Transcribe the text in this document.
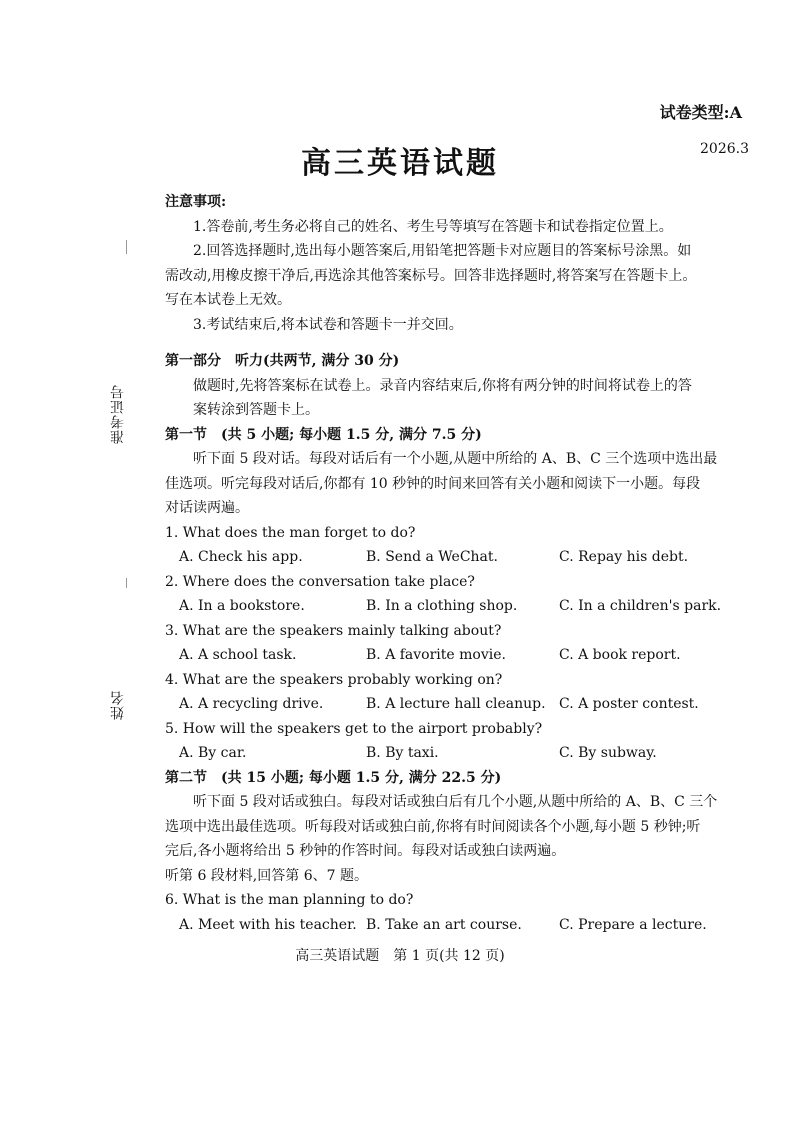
试卷类型:A
高三英语试题	2026.3
准考证号
姓名
注意事项:
1.答卷前,考生务必将自己的姓名、考生号等填写在答题卡和试卷指定位置上。
2.回答选择题时,选出每小题答案后,用铅笔把答题卡对应题目的答案标号涂黑。如
需改动,用橡皮擦干净后,再选涂其他答案标号。回答非选择题时,将答案写在答题卡上。
写在本试卷上无效。
3.考试结束后,将本试卷和答题卡一并交回。
第一部分　听力(共两节, 满分 30 分)
做题时,先将答案标在试卷上。录音内容结束后,你将有两分钟的时间将试卷上的答
案转涂到答题卡上。
第一节　(共 5 小题; 每小题 1.5 分, 满分 7.5 分)
听下面 5 段对话。每段对话后有一个小题,从题中所给的 A、B、C 三个选项中选出最
佳选项。听完每段对话后,你都有 10 秒钟的时间来回答有关小题和阅读下一小题。每段
对话读两遍。
1. What does the man forget to do?
A. Check his app.	B. Send a WeChat.	C. Repay his debt.
2. Where does the conversation take place?
A. In a bookstore.	B. In a clothing shop.	C. In a children's park.
3. What are the speakers mainly talking about?
A. A school task.	B. A favorite movie.	C. A book report.
4. What are the speakers probably working on?
A. A recycling drive.	B. A lecture hall cleanup. C. A poster contest.
5. How will the speakers get to the airport probably?
A. By car.	B. By taxi.	C. By subway.
第二节　(共 15 小题; 每小题 1.5 分, 满分 22.5 分)
听下面 5 段对话或独白。每段对话或独白后有几个小题,从题中所给的 A、B、C 三个
选项中选出最佳选项。听每段对话或独白前,你将有时间阅读各个小题,每小题 5 秒钟;听
完后,各小题将给出 5 秒钟的作答时间。每段对话或独白读两遍。
听第 6 段材料,回答第 6、7 题。
6. What is the man planning to do?
A. Meet with his teacher. B. Take an art course.	C. Prepare a lecture.
高三英语试题　第 1 页(共 12 页)
